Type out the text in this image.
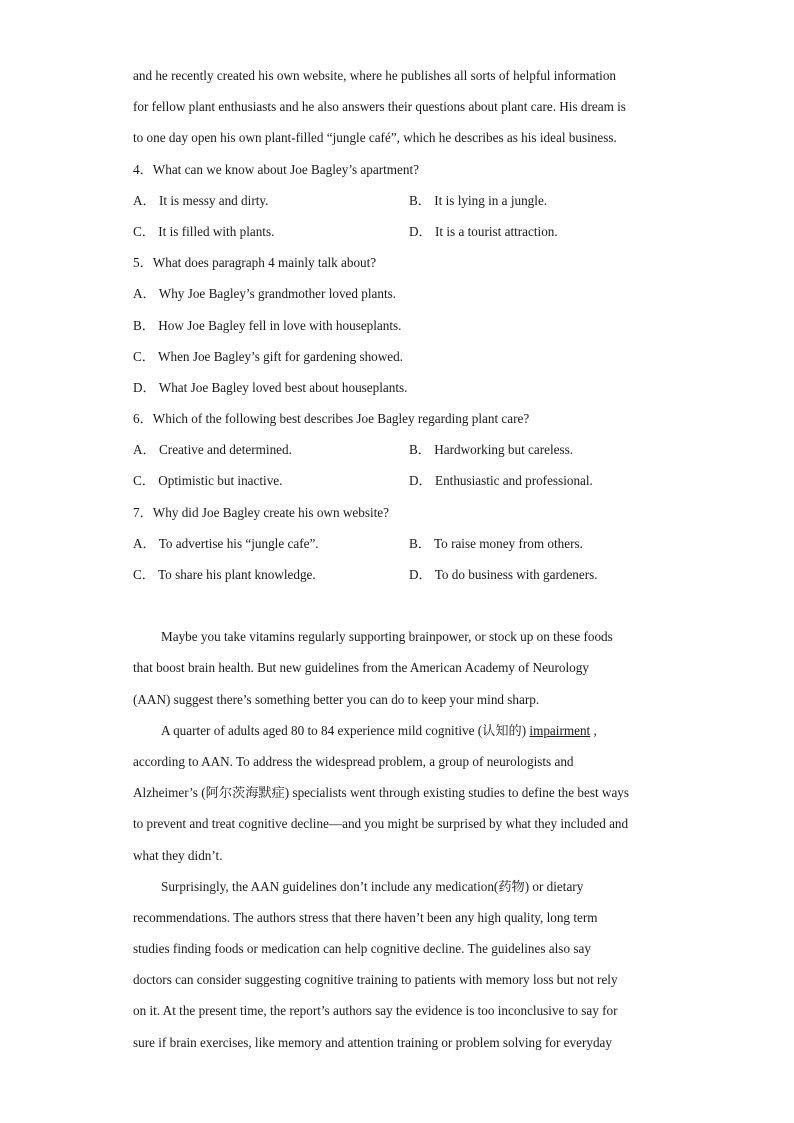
and he recently created his own website, where he publishes all sorts of helpful information
for fellow plant enthusiasts and he also answers their questions about plant care. His dream is
to one day open his own plant-filled “jungle café”, which he describes as his ideal business.
4．What can we know about Joe Bagley’s apartment?
A． It is messy and dirty.	B． It is lying in a jungle.
C． It is filled with plants.	D． It is a tourist attraction.
5．What does paragraph 4 mainly talk about?
A． Why Joe Bagley’s grandmother loved plants.
B． How Joe Bagley fell in love with houseplants.
C． When Joe Bagley’s gift for gardening showed.
D． What Joe Bagley loved best about houseplants.
6．Which of the following best describes Joe Bagley regarding plant care?
A． Creative and determined.	B． Hardworking but careless.
C． Optimistic but inactive.	D． Enthusiastic and professional.
7．Why did Joe Bagley create his own website?
A． To advertise his “jungle cafe”.	B． To raise money from others.
C． To share his plant knowledge.	D． To do business with gardeners.
Maybe you take vitamins regularly supporting brainpower, or stock up on these foods
that boost brain health. But new guidelines from the American Academy of Neurology
(AAN) suggest there’s something better you can do to keep your mind sharp.
A quarter of adults aged 80 to 84 experience mild cognitive (认知的) impairment ,
according to AAN. To address the widespread problem, a group of neurologists and
Alzheimer’s (阿尔茨海默症) specialists went through existing studies to define the best ways
to prevent and treat cognitive decline—and you might be surprised by what they included and
what they didn’t.
Surprisingly, the AAN guidelines don’t include any medication(药物) or dietary
recommendations. The authors stress that there haven’t been any high quality, long term
studies finding foods or medication can help cognitive decline. The guidelines also say
doctors can consider suggesting cognitive training to patients with memory loss but not rely
on it. At the present time, the report’s authors say the evidence is too inconclusive to say for
sure if brain exercises, like memory and attention training or problem solving for everyday
